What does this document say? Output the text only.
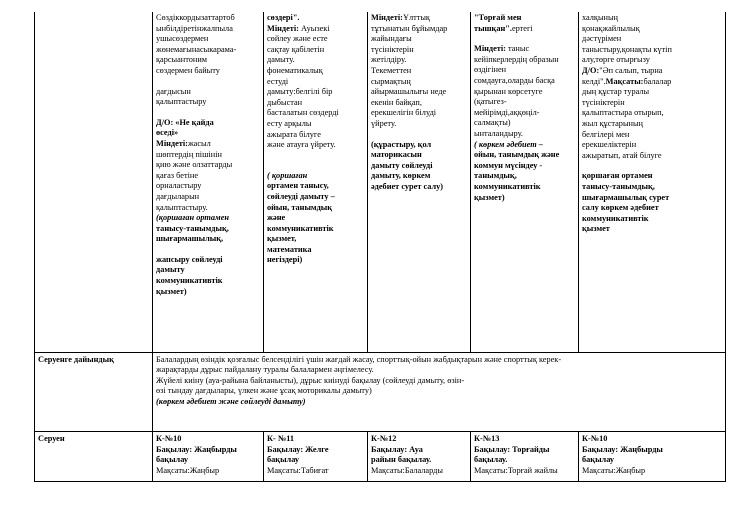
Сөздіккордызаттартоб

ынбілдіретінжалпыла

ушысөздермен

жөнемағынасыкарама-

қарсыантоним

сөздермен байыту

дағдысын

қалыптастыру

Д/О: «Не қайда

өседі»

Міндеті:жасыл

шөптердің пішінін

қию және олзаттарды

қағаз бетіне

орналастыру

дағдыларын

қалыптастыру.

(қоршаған ортамен

танысу-танымдық,

шығармашылық,

жапсыру сөйлеуді

дамыту

коммуникативтік

қызмет)

сөздері".

Міндеті: Ауызекі

сөйлеу және есте

сақтау қабілетін

дамыту.

фонематикалық

естуді

дамыту:белгілі бір

дыбыстан

басталатын сөздерді

есту арқылы

ажырата білуге

және атауға үйрету.

( қоршаған

ортамен танысу,

сөйлеуді дамыту –

ойын, танымдық

және

коммуникативтік

қызмет,

математика

негіздері)

Міндеті:Ұлттық

тұтынатын бұйымдар

жайындағы

түсініктерін

жетілдіру.

Текеметтен

сырмақтың

айырмашылығы неде

екенін байқап,

ерекшелігін білуді

үйрету.

(құрастыру, қол

маторикасын

дамыту сөйлеуді

дамыту, көркем

әдебиет сурет салу)

"Торғай мен

тышқан".ертегі

Міндеті: таныс

кейіпкерлердің образын

өздігінен

сомдауға,оларды басқа

қырынан көрсетуге

(қатыгез-

мейірімді,аққөңіл-

салмақты)

ынталандыру.

( көркем әдебиет –

ойын, танымдық және

коммун мүсіндеу -

танымдық,

коммуникативтік

қызмет)

халқының

қонақжайлылық

дәстүрімен

таныстыру,қонақты күтіп

алу,төрге отырғызу

Д/О:"Әп салып, тырна

келді".Мақсаты:балалар

дың құстар туралы

түсініктерін

қалыптастыра отырып,

жыл құстарының

белгілері мен

ерекшеліктерін

ажыратып, атай білуге

қоршаған ортамен

танысу-танымдық,

шығармашылық сурет

салу көркем әдебиет

коммуникативтік

қызмет

Серуенге дайындық	Балалардың өзіндік қозғалыс белсенділігі үшін жағдай жасау, спорттық-ойын жабдықтарын және спорттық керек-

жарақтарды дұрыс пайдалану туралы балалармен әңгімелесу.

Жүйелі киіну (ауа-райына байланысты), дұрыс киінуді бақылау (сөйлеуді дамыту, өзін-

өзі тындау дағдылары, үлкен және ұсақ моторикалы дамыту)

(көркем әдебиет және сөйлеуді дамыту)

Серуен	К-№10

Бақылау: Жаңбырды

бақылау

Мақсаты:Жаңбыр

К- №11

Бақылау: Желге

бақылау

Мақсаты:Табиғат

К-№12

Бақылау: Ауа

райын бақылау.

Мақсаты:Балаларды

К-№13

Бақылау: Торғайды

бақылау.

Мақсаты:Торғай жайлы

К-№10

Бақылау: Жаңбырды

бақылау

Мақсаты:Жаңбыр
